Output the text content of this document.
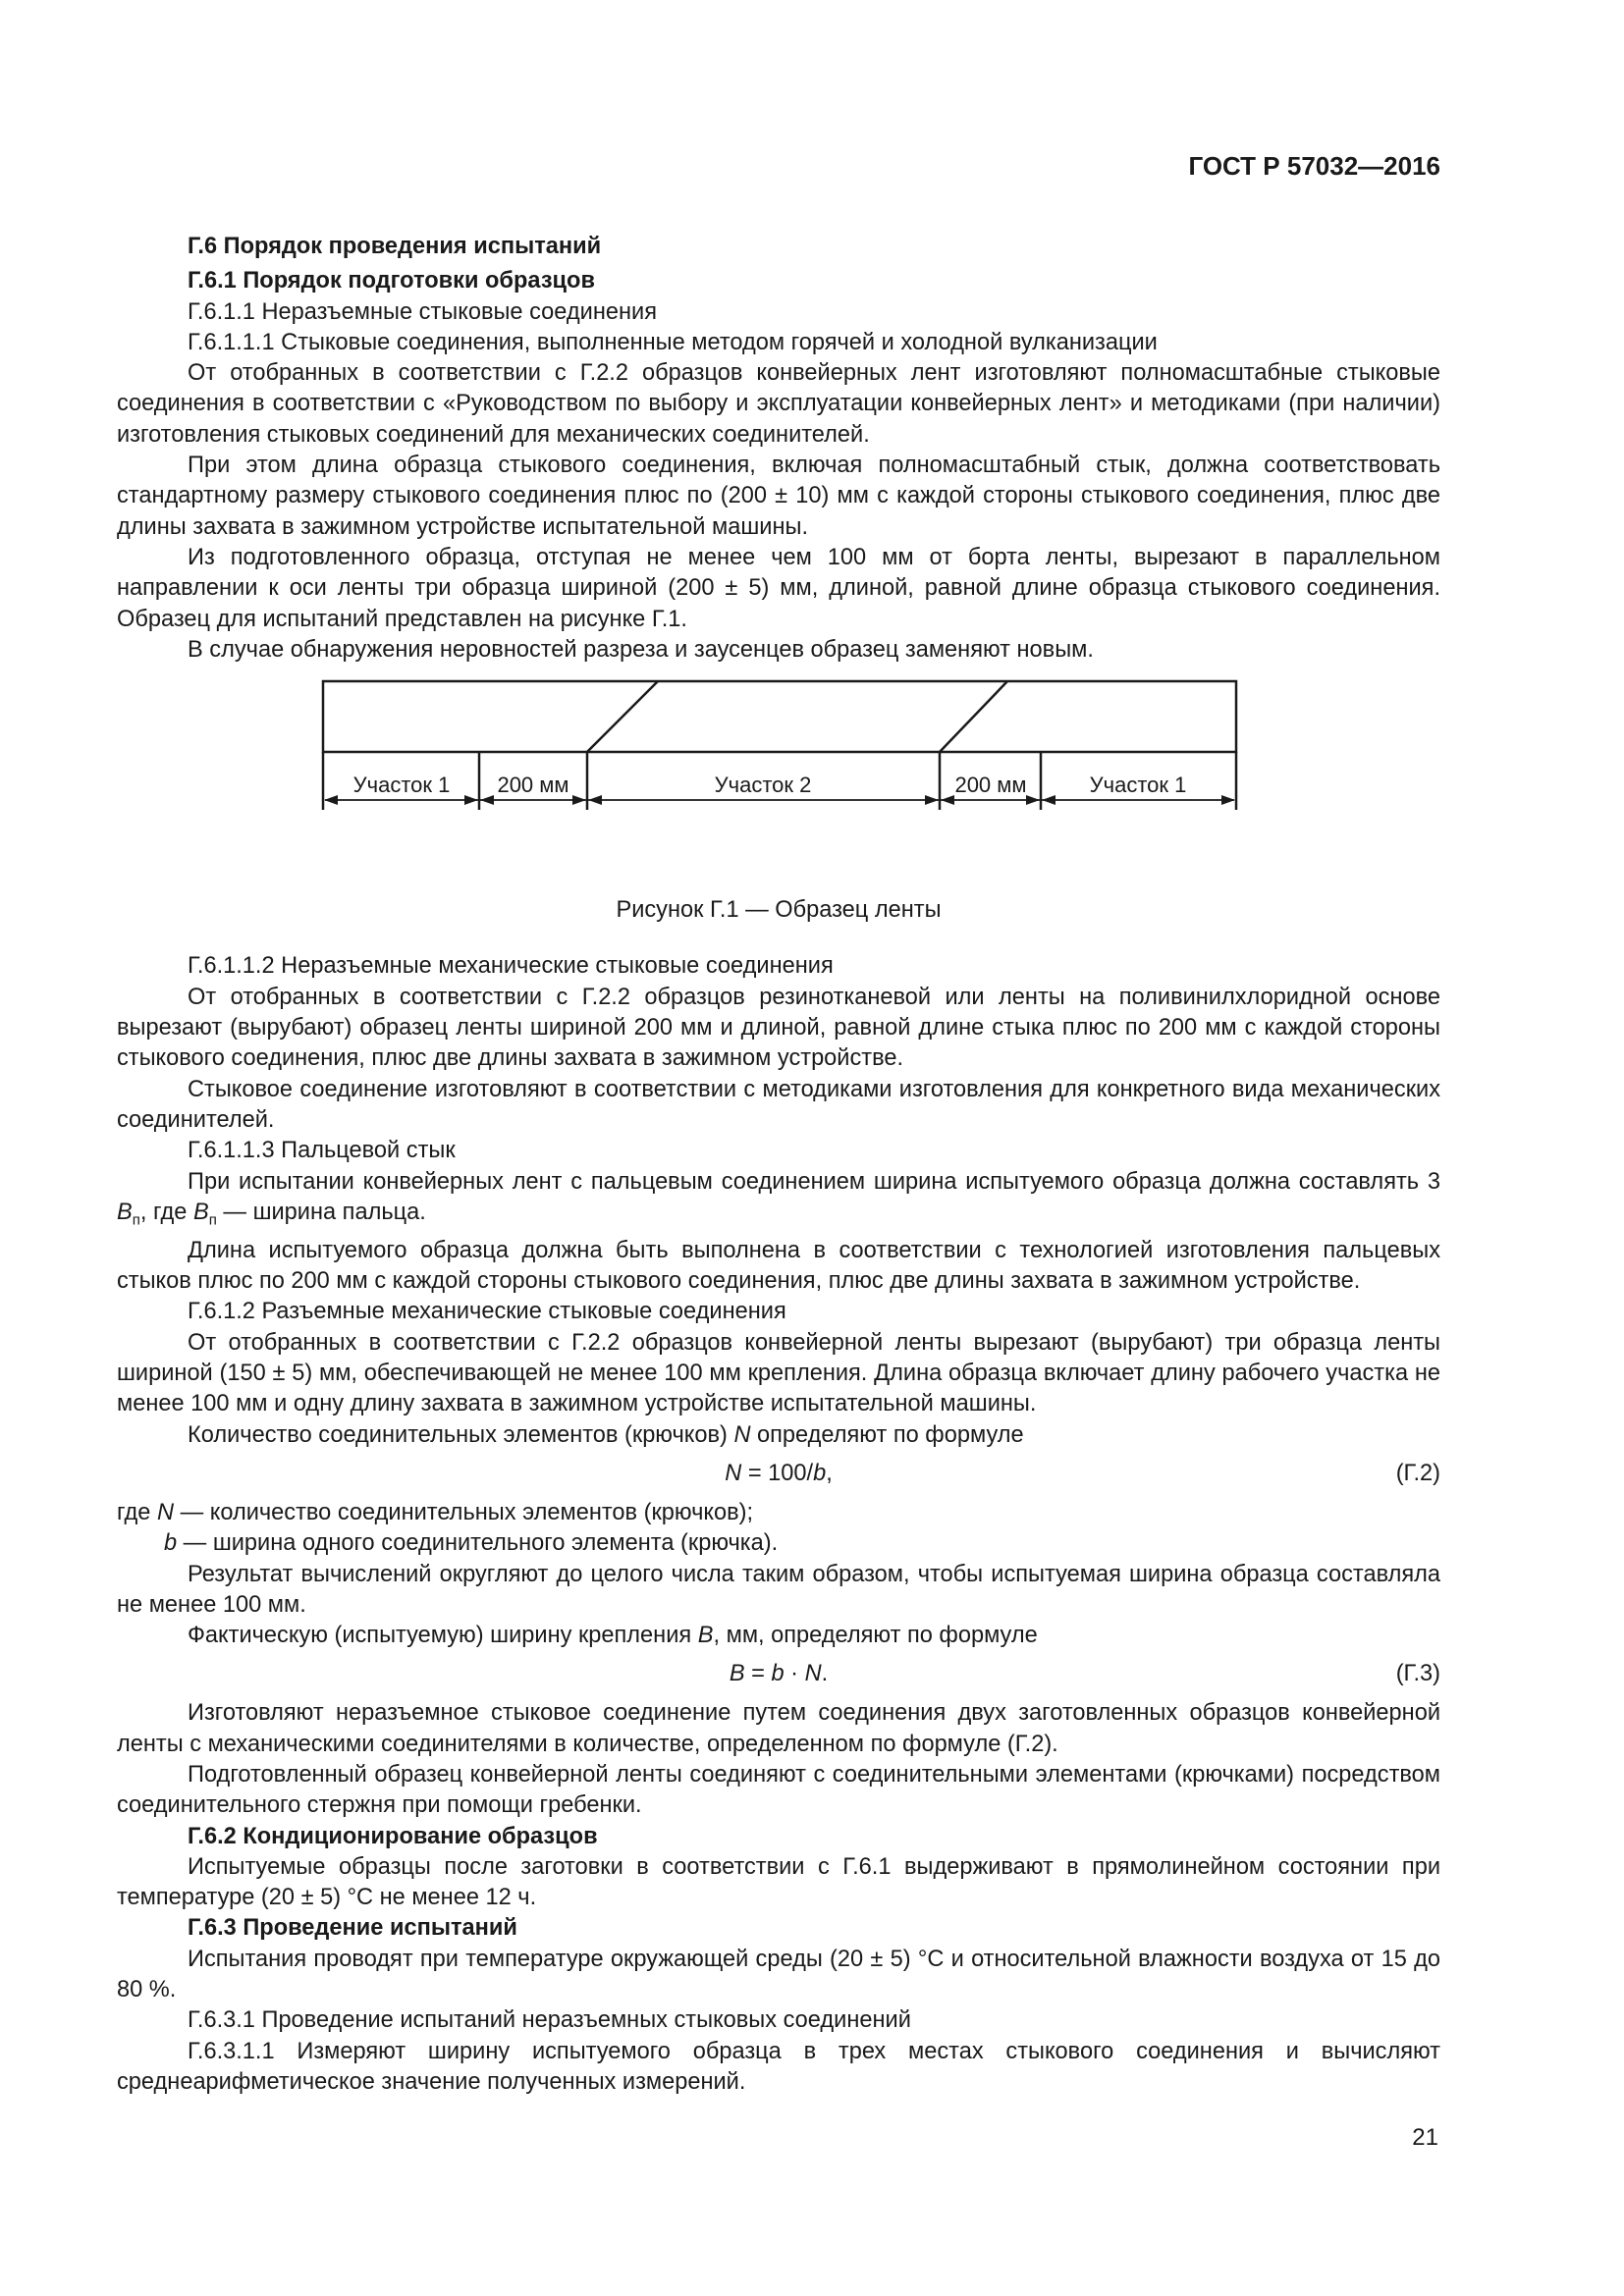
ГОСТ Р 57032—2016

Г.6 Порядок проведения испытаний

Г.6.1 Порядок подготовки образцов

Г.6.1.1 Неразъемные стыковые соединения

Г.6.1.1.1 Стыковые соединения, выполненные методом горячей и холодной вулканизации

От отобранных в соответствии с Г.2.2 образцов конвейерных лент изготовляют полномасштабные стыковые соединения в соответствии с «Руководством по выбору и эксплуатации конвейерных лент» и методиками (при наличии) изготовления стыковых соединений для механических соединителей.

При этом длина образца стыкового соединения, включая полномасштабный стык, должна соответствовать стандартному размеру стыкового соединения плюс по (200 ± 10) мм с каждой стороны стыкового соединения, плюс две длины захвата в зажимном устройстве испытательной машины.

Из подготовленного образца, отступая не менее чем 100 мм от борта ленты, вырезают в параллельном направлении к оси ленты три образца шириной (200 ± 5) мм, длиной, равной длине образца стыкового соединения. Образец для испытаний представлен на рисунке Г.1.

В случае обнаружения неровностей разреза и заусенцев образец заменяют новым.

Участок 1 200 мм	Участок 2	200 мм	Участок 1

Рисунок Г.1 — Образец ленты

Г.6.1.1.2 Неразъемные механические стыковые соединения

От отобранных в соответствии с Г.2.2 образцов резинотканевой или ленты на поливинилхлоридной основе вырезают (вырубают) образец ленты шириной 200 мм и длиной, равной длине стыка плюс по 200 мм с каждой стороны стыкового соединения, плюс две длины захвата в зажимном устройстве.

Стыковое соединение изготовляют в соответствии с методиками изготовления для конкретного вида механических соединителей.

Г.6.1.1.3 Пальцевой стык

При испытании конвейерных лент с пальцевым соединением ширина испытуемого образца должна составлять 3 $B_п$, где $B_п$ — ширина пальца.

Длина испытуемого образца должна быть выполнена в соответствии с технологией изготовления пальцевых стыков плюс по 200 мм с каждой стороны стыкового соединения, плюс две длины захвата в зажимном устройстве.

Г.6.1.2 Разъемные механические стыковые соединения

От отобранных в соответствии с Г.2.2 образцов конвейерной ленты вырезают (вырубают) три образца ленты шириной (150 ± 5) мм, обеспечивающей не менее 100 мм крепления. Длина образца включает длину рабочего участка не менее 100 мм и одну длину захвата в зажимном устройстве испытательной машины.

Количество соединительных элементов (крючков) N определяют по формуле

N = 100/b,	(Г.2)

где N — количество соединительных элементов (крючков);

b — ширина одного соединительного элемента (крючка).

Результат вычислений округляют до целого числа таким образом, чтобы испытуемая ширина образца составляла не менее 100 мм.

Фактическую (испытуемую) ширину крепления B, мм, определяют по формуле

B = b · N.	(Г.3)

Изготовляют неразъемное стыковое соединение путем соединения двух заготовленных образцов конвейерной ленты с механическими соединителями в количестве, определенном по формуле (Г.2).

Подготовленный образец конвейерной ленты соединяют с соединительными элементами (крючками) посредством соединительного стержня при помощи гребенки.

Г.6.2 Кондиционирование образцов

Испытуемые образцы после заготовки в соответствии с Г.6.1 выдерживают в прямолинейном состоянии при температуре (20 ± 5) °С не менее 12 ч.

Г.6.3 Проведение испытаний

Испытания проводят при температуре окружающей среды (20 ± 5) °С и относительной влажности воздуха от 15 до 80 %.

Г.6.3.1 Проведение испытаний неразъемных стыковых соединений

Г.6.3.1.1 Измеряют ширину испытуемого образца в трех местах стыкового соединения и вычисляют среднеарифметическое значение полученных измерений.

21
